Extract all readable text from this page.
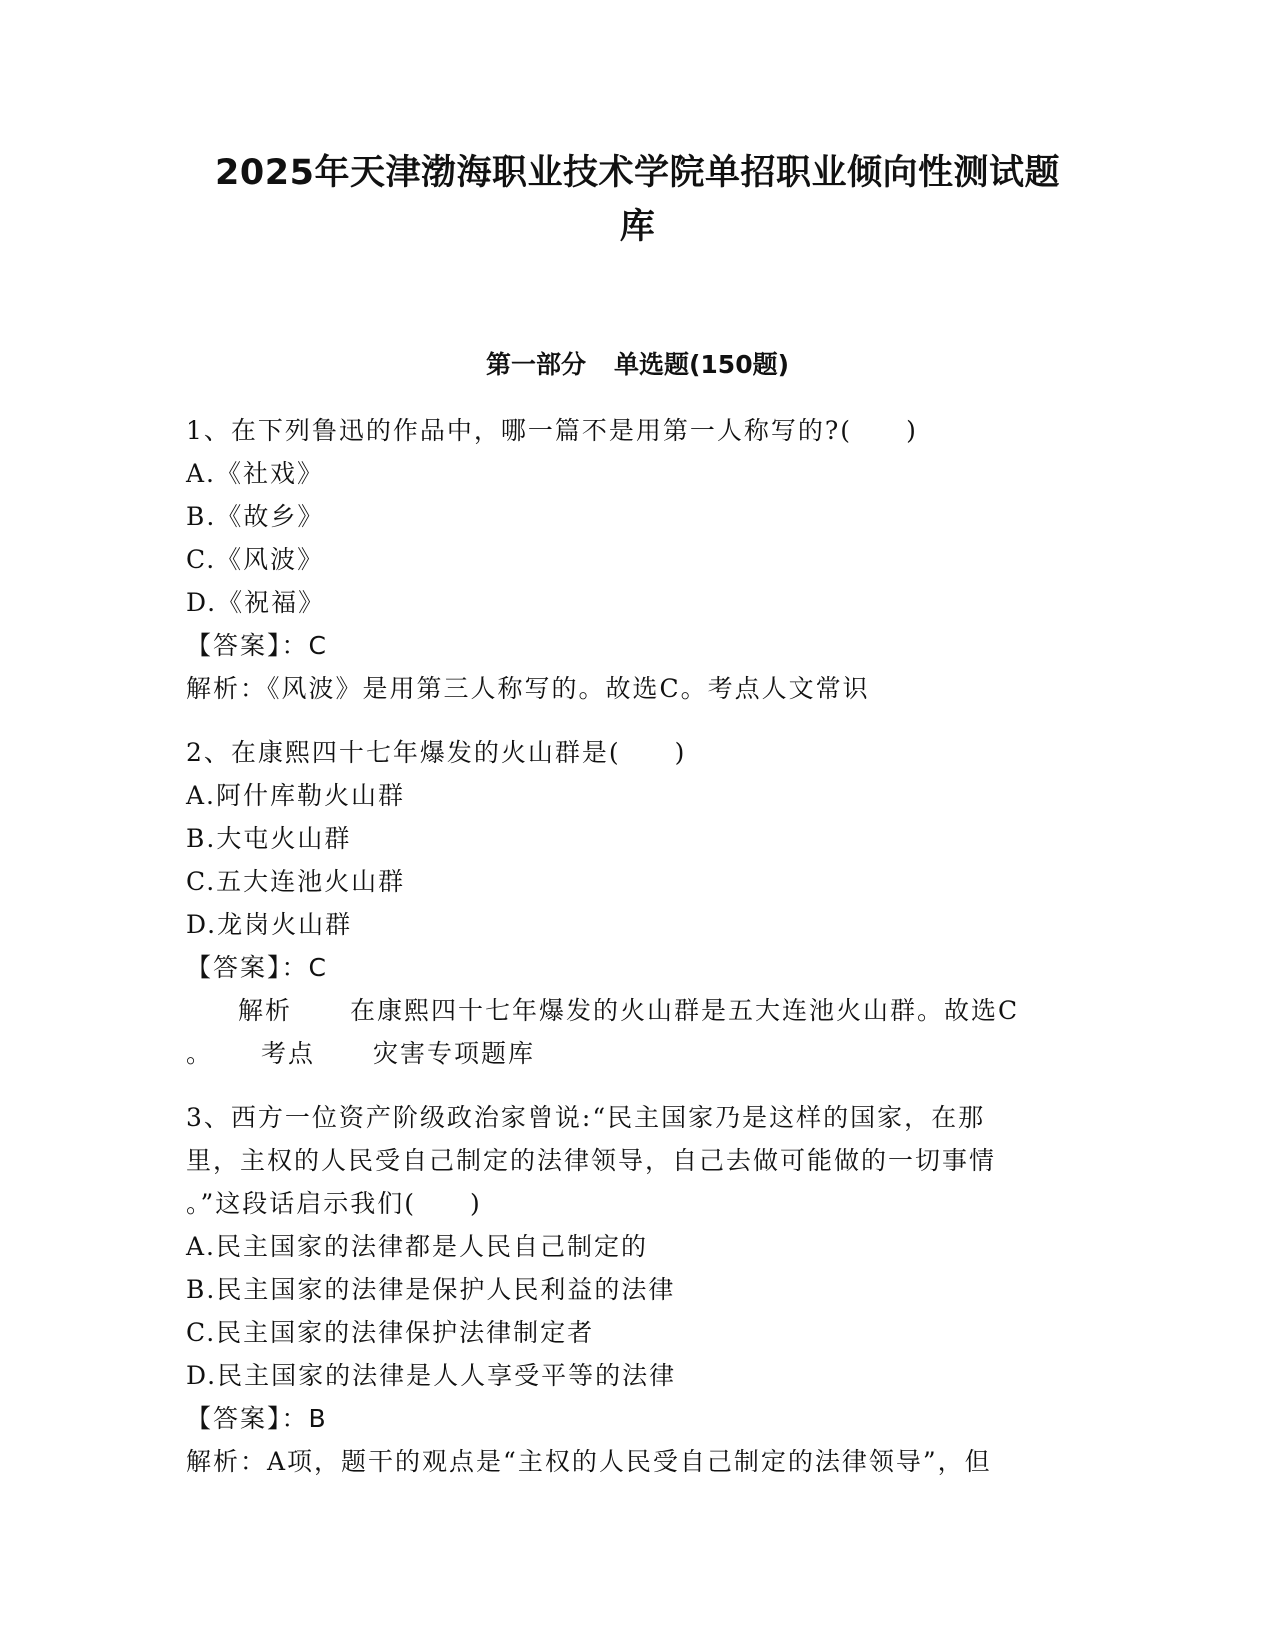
2025年天津渤海职业技术学院单招职业倾向性测试题
库
第一部分 单选题(150题)
1、在下列鲁迅的作品中，哪一篇不是用第一人称写的?(　　)
A.《社戏》
B.《故乡》
C.《风波》
D.《祝福》
【答案】：C
解析：《风波》是用第三人称写的。故选C。考点人文常识
2、在康熙四十七年爆发的火山群是(　　)
A.阿什库勒火山群
B.大屯火山群
C.五大连池火山群
D.龙岗火山群
【答案】：C
解析 在康熙四十七年爆发的火山群是五大连池火山群。故选C
。 考点 灾害专项题库
3、西方一位资产阶级政治家曾说:“民主国家乃是这样的国家，在那
里，主权的人民受自己制定的法律领导，自己去做可能做的一切事情
。”这段话启示我们(　　)
A.民主国家的法律都是人民自己制定的
B.民主国家的法律是保护人民利益的法律
C.民主国家的法律保护法律制定者
D.民主国家的法律是人人享受平等的法律
【答案】：B
解析：A项，题干的观点是“主权的人民受自己制定的法律领导”，但
